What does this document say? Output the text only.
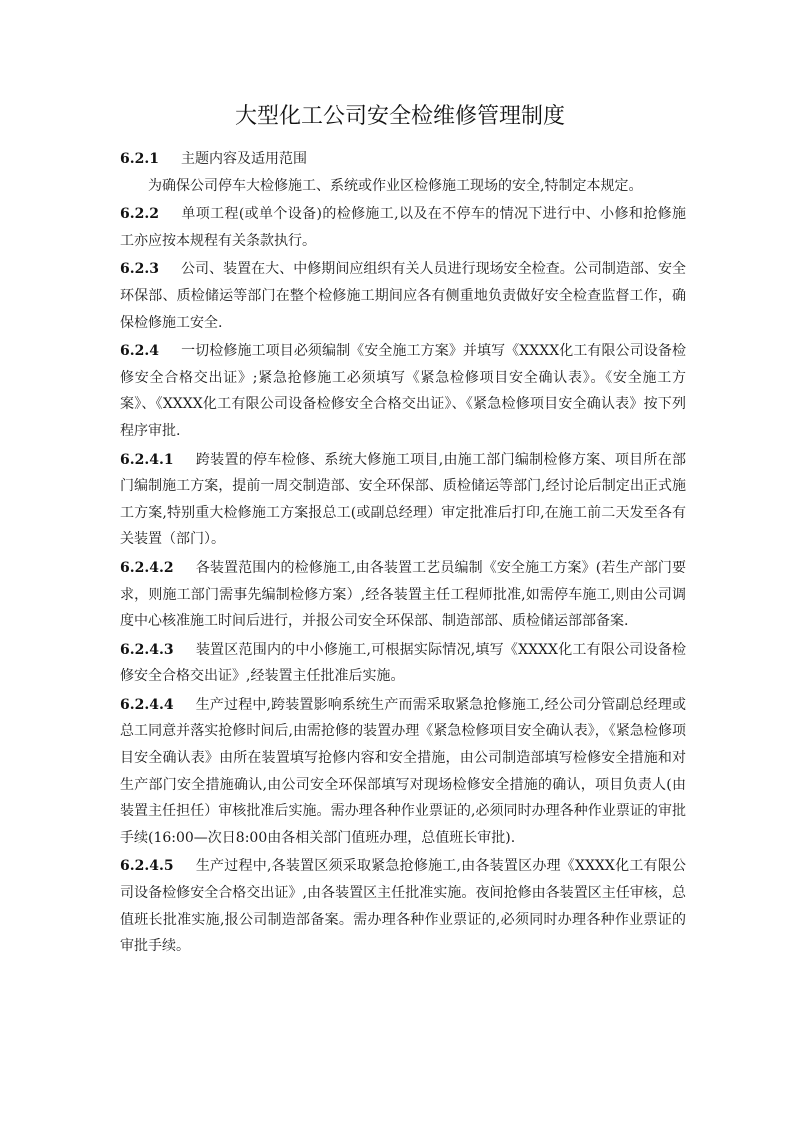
大型化工公司安全检维修管理制度

6.2.1 主题内容及适用范围

为确保公司停车大检修施工、系统或作业区检修施工现场的安全,特制定本规定。

6.2.2 单项工程(或单个设备)的检修施工,以及在不停车的情况下进行中、小修和抢修施工亦应按本规程有关条款执行。

6.2.3 公司、装置在大、中修期间应组织有关人员进行现场安全检查。公司制造部、安全环保部、质检储运等部门在整个检修施工期间应各有侧重地负责做好安全检查监督工作，确保检修施工安全.

6.2.4 一切检修施工项目必须编制《安全施工方案》并填写《XXXX化工有限公司设备检修安全合格交出证》;紧急抢修施工必须填写《紧急检修项目安全确认表》。《安全施工方案》、《XXXX化工有限公司设备检修安全合格交出证》、《紧急检修项目安全确认表》按下列程序审批.

6.2.4.1 跨装置的停车检修、系统大修施工项目,由施工部门编制检修方案、项目所在部门编制施工方案，提前一周交制造部、安全环保部、质检储运等部门,经讨论后制定出正式施工方案,特别重大检修施工方案报总工(或副总经理）审定批准后打印,在施工前二天发至各有关装置（部门）。

6.2.4.2 各装置范围内的检修施工,由各装置工艺员编制《安全施工方案》(若生产部门要求，则施工部门需事先编制检修方案）,经各装置主任工程师批准,如需停车施工,则由公司调度中心核准施工时间后进行，并报公司安全环保部、制造部部、质检储运部部备案.

6.2.4.3 装置区范围内的中小修施工,可根据实际情况,填写《XXXX化工有限公司设备检修安全合格交出证》,经装置主任批准后实施。

6.2.4.4 生产过程中,跨装置影响系统生产而需采取紧急抢修施工,经公司分管副总经理或总工同意并落实抢修时间后,由需抢修的装置办理《紧急检修项目安全确认表》，《紧急检修项目安全确认表》由所在装置填写抢修内容和安全措施，由公司制造部填写检修安全措施和对生产部门安全措施确认,由公司安全环保部填写对现场检修安全措施的确认，项目负责人(由装置主任担任）审核批准后实施。需办理各种作业票证的,必须同时办理各种作业票证的审批手续(16:00—次日8:00由各相关部门值班办理，总值班长审批).

6.2.4.5 生产过程中,各装置区须采取紧急抢修施工,由各装置区办理《XXXX化工有限公司设备检修安全合格交出证》,由各装置区主任批准实施。夜间抢修由各装置区主任审核，总值班长批准实施,报公司制造部备案。需办理各种作业票证的,必须同时办理各种作业票证的审批手续。
